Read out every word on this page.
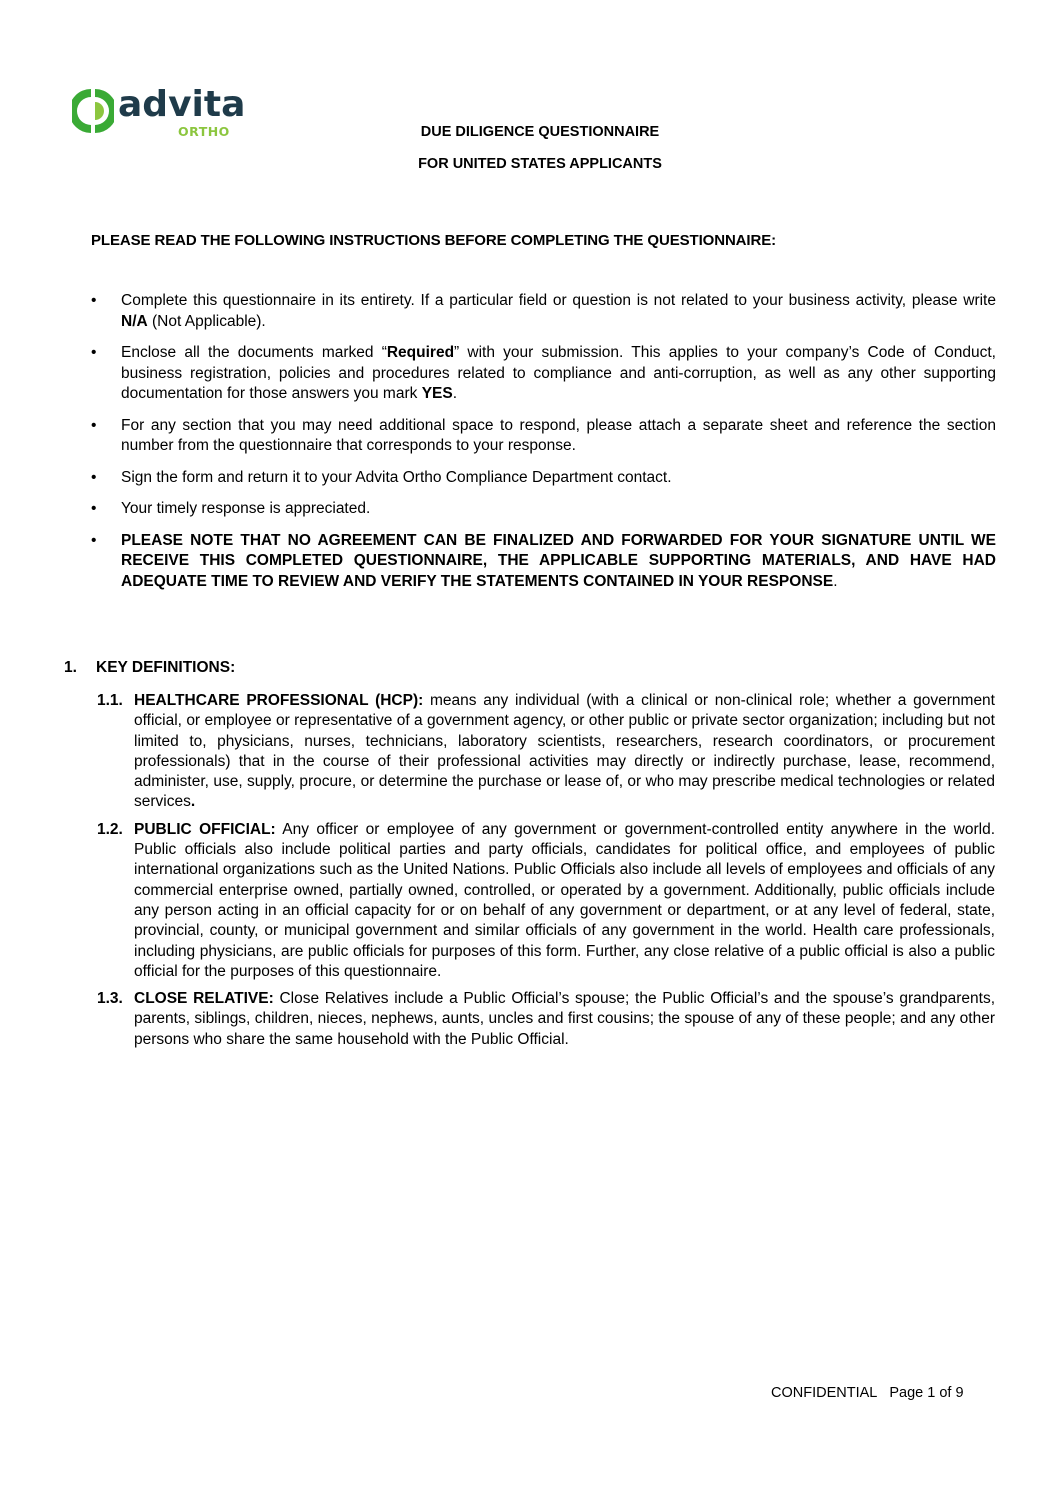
advita
ORTHO	DUE DILIGENCE QUESTIONNAIRE
FOR UNITED STATES APPLICANTS
PLEASE READ THE FOLLOWING INSTRUCTIONS BEFORE COMPLETING THE QUESTIONNAIRE:
• Complete this questionnaire in its entirety. If a particular field or question is not related to your business activity, please write N/A (Not Applicable).
• Enclose all the documents marked “Required” with your submission. This applies to your company’s Code of Conduct, business registration, policies and procedures related to compliance and anti-corruption, as well as any other supporting documentation for those answers you mark YES.
• For any section that you may need additional space to respond, please attach a separate sheet and reference the section number from the questionnaire that corresponds to your response.
• Sign the form and return it to your Advita Ortho Compliance Department contact.
• Your timely response is appreciated.
• PLEASE NOTE THAT NO AGREEMENT CAN BE FINALIZED AND FORWARDED FOR YOUR SIGNATURE UNTIL WE RECEIVE THIS COMPLETED QUESTIONNAIRE, THE APPLICABLE SUPPORTING MATERIALS, AND HAVE HAD ADEQUATE TIME TO REVIEW AND VERIFY THE STATEMENTS CONTAINED IN YOUR RESPONSE.
1. KEY DEFINITIONS:
1.1. HEALTHCARE PROFESSIONAL (HCP): means any individual (with a clinical or non-clinical role; whether a government official, or employee or representative of a government agency, or other public or private sector organization; including but not limited to, physicians, nurses, technicians, laboratory scientists, researchers, research coordinators, or procurement professionals) that in the course of their professional activities may directly or indirectly purchase, lease, recommend, administer, use, supply, procure, or determine the purchase or lease of, or who may prescribe medical technologies or related services.
1.2. PUBLIC OFFICIAL: Any officer or employee of any government or government-controlled entity anywhere in the world. Public officials also include political parties and party officials, candidates for political office, and employees of public international organizations such as the United Nations. Public Officials also include all levels of employees and officials of any commercial enterprise owned, partially owned, controlled, or operated by a government. Additionally, public officials include any person acting in an official capacity for or on behalf of any government or department, or at any level of federal, state, provincial, county, or municipal government and similar officials of any government in the world. Health care professionals, including physicians, are public officials for purposes of this form. Further, any close relative of a public official is also a public official for the purposes of this questionnaire.
1.3. CLOSE RELATIVE: Close Relatives include a Public Official’s spouse; the Public Official’s and the spouse’s grandparents, parents, siblings, children, nieces, nephews, aunts, uncles and first cousins; the spouse of any of these people; and any other persons who share the same household with the Public Official.
CONFIDENTIAL Page 1 of 9
